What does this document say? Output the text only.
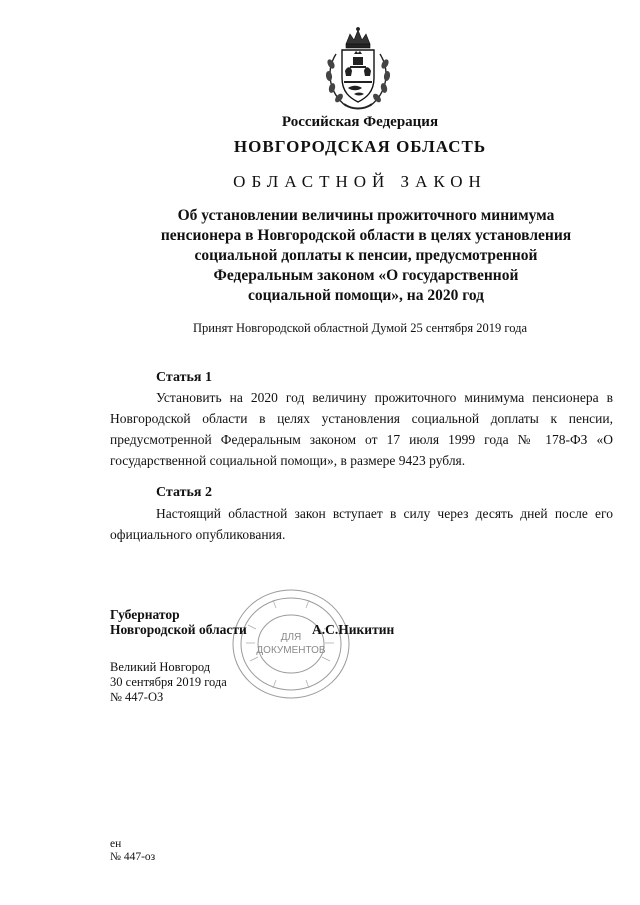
Российская Федерация

НОВГОРОДСКАЯ ОБЛАСТЬ

ОБЛАСТНОЙ ЗАКОН

Об установлении величины прожиточного минимума
пенсионера в Новгородской области в целях установления
социальной доплаты к пенсии, предусмотренной
Федеральным законом «О государственной
социальной помощи», на 2020 год

Принят Новгородской областной Думой 25 сентября 2019 года

Статья 1

Установить на 2020 год величину прожиточного минимума пенсионера в Новгородской области в целях установления социальной доплаты к пенсии, предусмотренной Федеральным законом от 17 июля 1999 года № 178-ФЗ «О государственной социальной помощи», в размере 9423 рубля.

Статья 2

Настоящий областной закон вступает в силу через десять дней после его официального опубликования.

ДЛЯ
ДОКУМЕНТОВ

Губернатор
Новгородской области	А.С.Никитин

Великий Новгород
30 сентября 2019 года
№ 447-ОЗ

ен
№ 447-оз
